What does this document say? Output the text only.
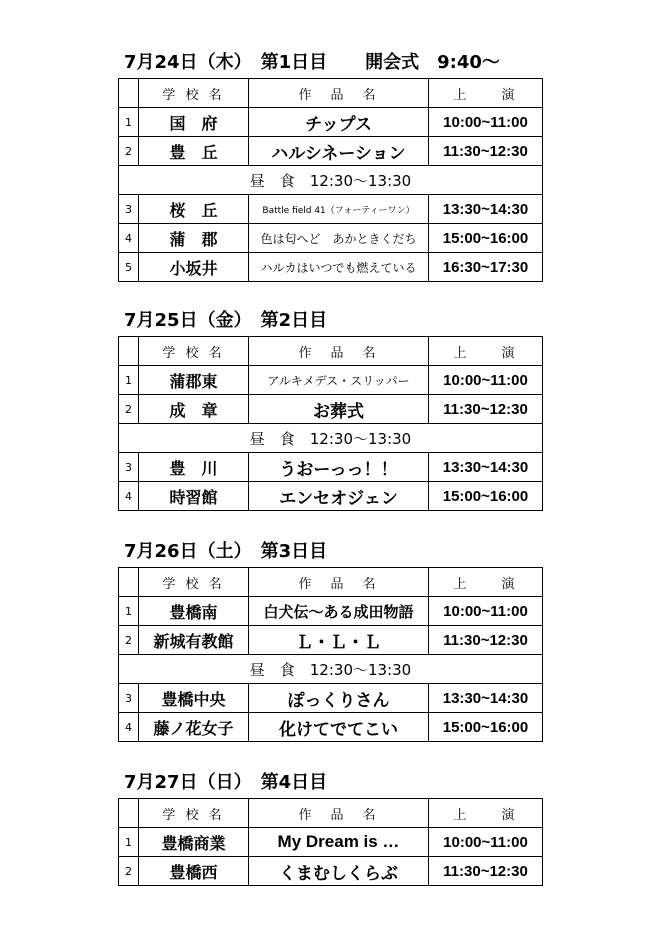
7月24日（木）　第1日目 開会式　9:40～
	学 校 名	作　品　名	上　　演
1	国　府	チップス	10:00~11:00
2	豊　丘	ハルシネーション	11:30~12:30
昼　食　12:30～13:30			
3	桜　丘	Battle field 41（フォーティーワン）	13:30~14:30
4	蒲　郡	色は匂へど　あかときくだち	15:00~16:00
5	小坂井	ハルカはいつでも燃えている	16:30~17:30
7月25日（金）　第2日目
	学 校 名	作　品　名	上　　演
1	蒲郡東	アルキメデス・スリッパー	10:00~11:00
2	成　章	お葬式	11:30~12:30
昼　食　12:30～13:30			
3	豊　川	うおーっっ！！	13:30~14:30
4	時習館	エンセオジェン	15:00~16:00
7月26日（土）　第3日目
	学 校 名	作　品　名	上　　演
1	豊橋南	白犬伝～ある成田物語	10:00~11:00
2	新城有教館	Ｌ・Ｌ・Ｌ	11:30~12:30
昼　食　12:30～13:30			
3	豊橋中央	ぽっくりさん	13:30~14:30
4	藤ノ花女子	化けてでてこい	15:00~16:00
7月27日（日）　第4日目
	学 校 名	作　品　名	上　　演
1	豊橋商業	My Dream is …	10:00~11:00
2	豊橋西	くまむしくらぶ	11:30~12:30
